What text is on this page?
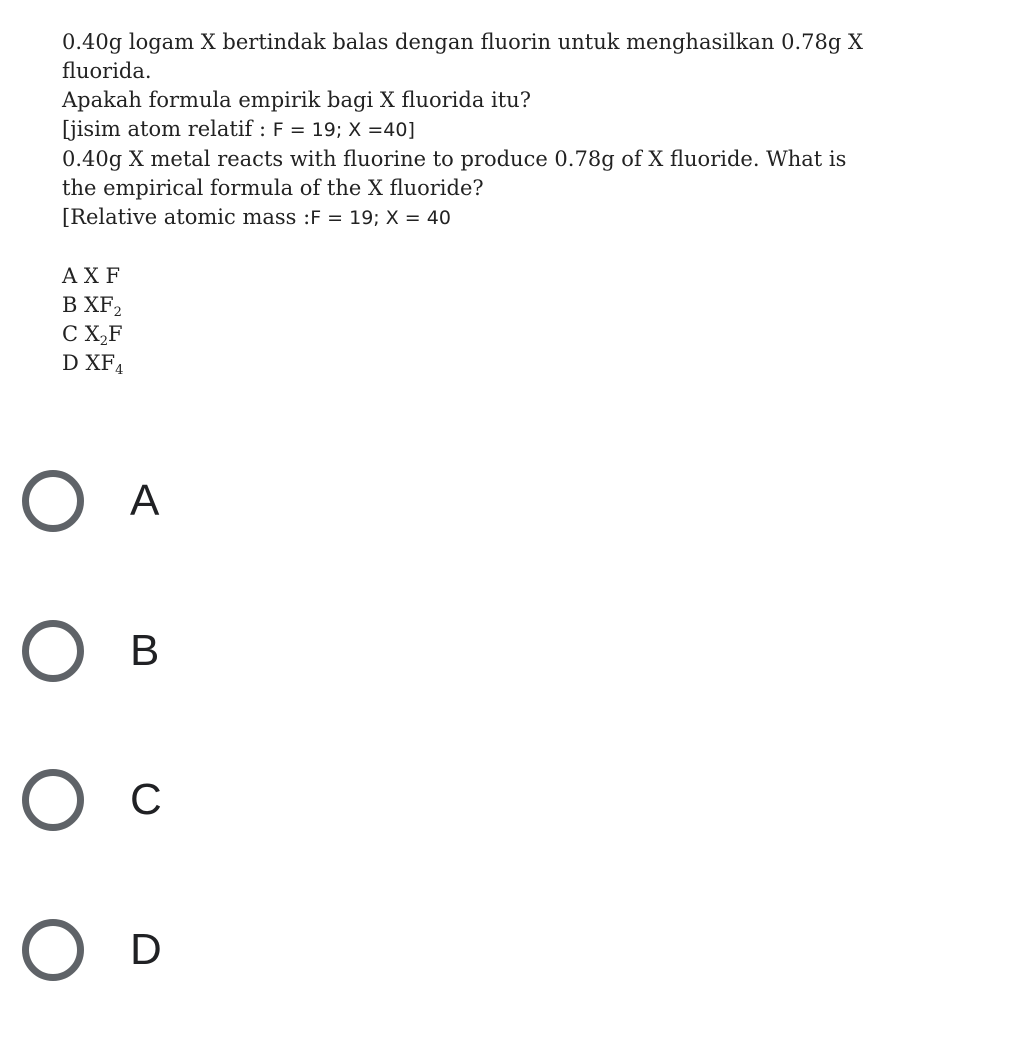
0.40g logam X bertindak balas dengan fluorin untuk menghasilkan 0.78g X
fluorida.
Apakah formula empirik bagi X fluorida itu?
[jisim atom relatif : F = 19; X =40]
0.40g X metal reacts with fluorine to produce 0.78g of X fluoride. What is
the empirical formula of the X fluoride?
[Relative atomic mass :F = 19; X = 40
A X F
B $XF_2$
C $X_2F$
D $XF_4$
A
B
C
D
